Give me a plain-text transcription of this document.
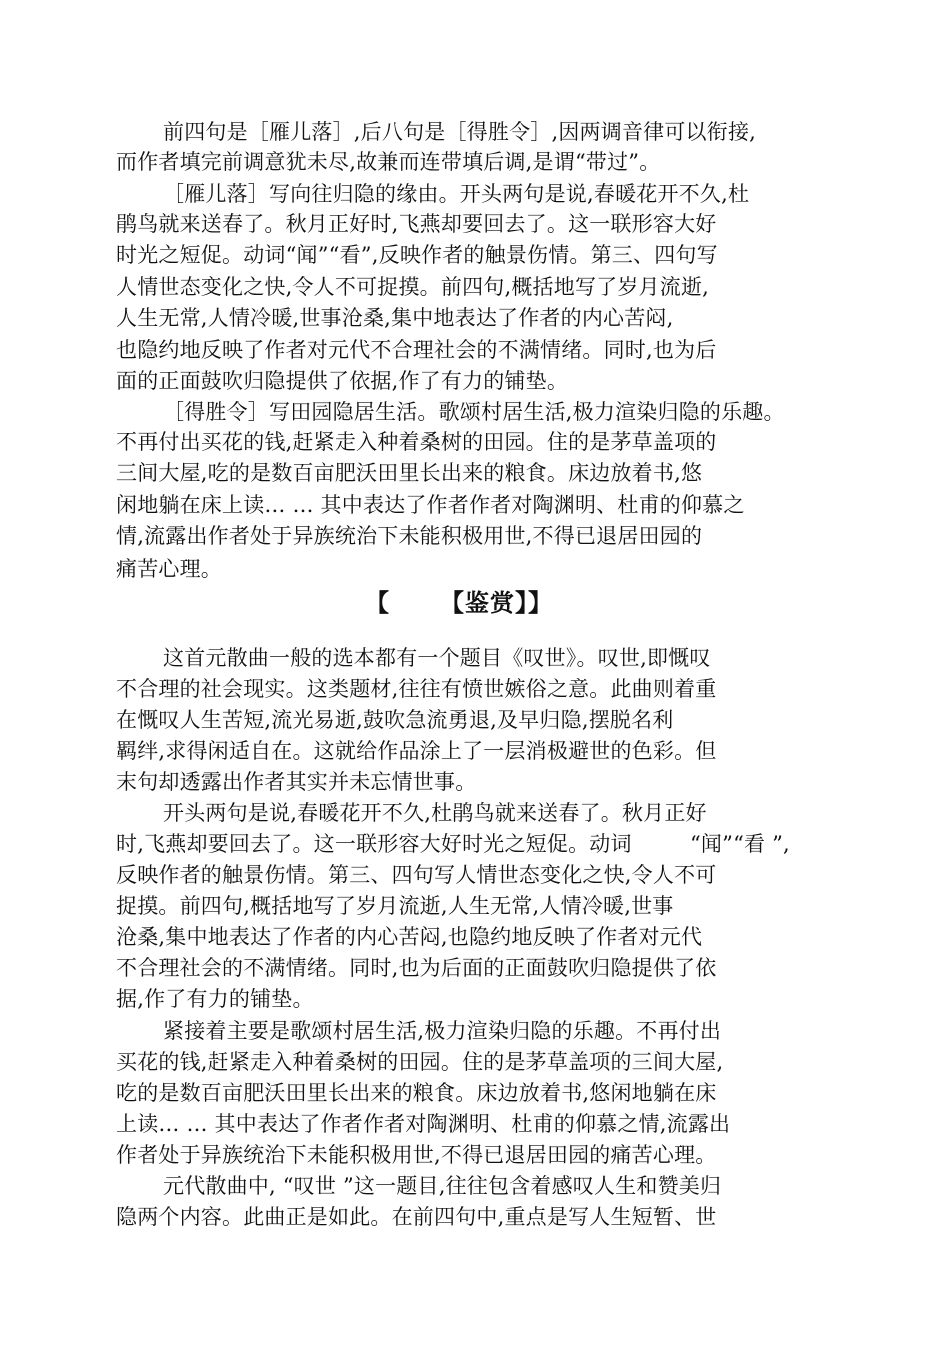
前四句是［雁儿落］,后八句是［得胜令］,因两调音律可以衔接,
而作者填完前调意犹未尽,故兼而连带填后调,是谓“带过”。
［雁儿落］写向往归隐的缘由。开头两句是说,春暖花开不久,杜
鹃鸟就来送春了。秋月正好时,飞燕却要回去了。这一联形容大好
时光之短促。动词“闻”“看”,反映作者的触景伤情。第三、四句写
人情世态变化之快,令人不可捉摸。前四句,概括地写了岁月流逝,
人生无常,人情冷暖,世事沧桑,集中地表达了作者的内心苦闷,
也隐约地反映了作者对元代不合理社会的不满情绪。同时,也为后
面的正面鼓吹归隐提供了依据,作了有力的铺垫。
［得胜令］写田园隐居生活。歌颂村居生活,极力渲染归隐的乐趣。
不再付出买花的钱,赶紧走入种着桑树的田园。住的是茅草盖项的
三间大屋,吃的是数百亩肥沃田里长出来的粮食。床边放着书,悠
闲地躺在床上读… … 其中表达了作者作者对陶渊明、杜甫的仰慕之
情,流露出作者处于异族统治下未能积极用世,不得已退居田园的
痛苦心理。
【 【鉴赏】】
这首元散曲一般的选本都有一个题目《叹世》。叹世,即慨叹
不合理的社会现实。这类题材,往往有愤世嫉俗之意。此曲则着重
在慨叹人生苦短,流光易逝,鼓吹急流勇退,及早归隐,摆脱名利
羁绊,求得闲适自在。这就给作品涂上了一层消极避世的色彩。但
末句却透露出作者其实并未忘情世事。
开头两句是说,春暖花开不久,杜鹃鸟就来送春了。秋月正好
时,飞燕却要回去了。这一联形容大好时光之短促。动词	“闻”“看 ”,
反映作者的触景伤情。第三、四句写人情世态变化之快,令人不可
捉摸。前四句,概括地写了岁月流逝,人生无常,人情冷暖,世事
沧桑,集中地表达了作者的内心苦闷,也隐约地反映了作者对元代
不合理社会的不满情绪。同时,也为后面的正面鼓吹归隐提供了依
据,作了有力的铺垫。
紧接着主要是歌颂村居生活,极力渲染归隐的乐趣。不再付出
买花的钱,赶紧走入种着桑树的田园。住的是茅草盖项的三间大屋,
吃的是数百亩肥沃田里长出来的粮食。床边放着书,悠闲地躺在床
上读… … 其中表达了作者作者对陶渊明、杜甫的仰慕之情,流露出
作者处于异族统治下未能积极用世,不得已退居田园的痛苦心理。
元代散曲中, “叹世 ”这一题目,往往包含着感叹人生和赞美归
隐两个内容。此曲正是如此。在前四句中,重点是写人生短暂、世
